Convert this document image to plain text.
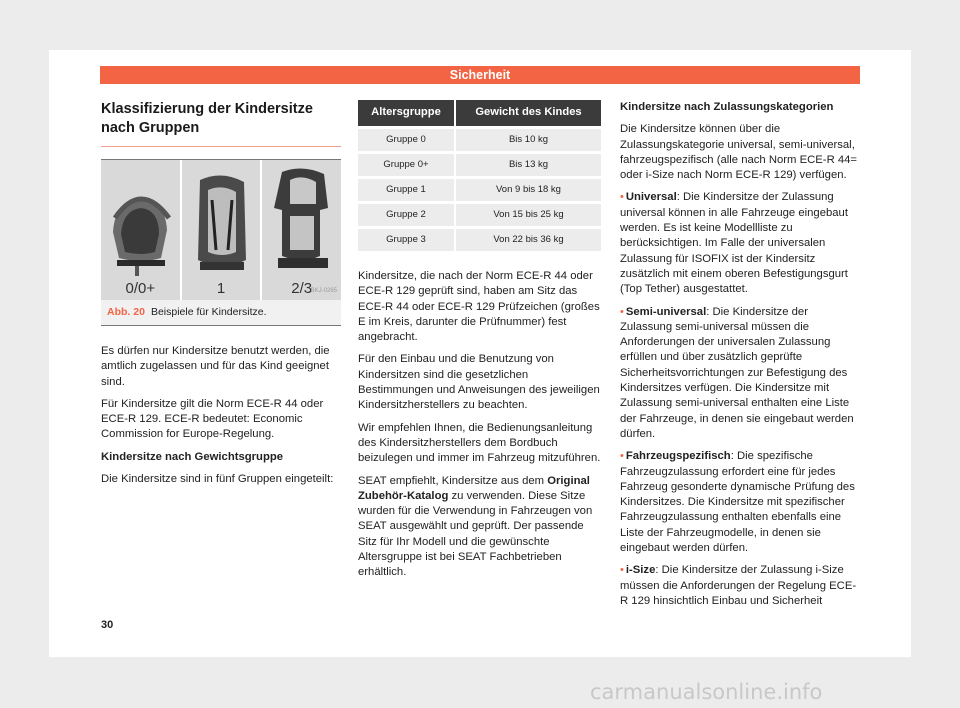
Sicherheit
Klassifizierung der Kindersitze nach Gruppen
0/0+	1	2/3
BKJ-0265
Abb. 20 Beispiele für Kindersitze.

Es dürfen nur Kindersitze benutzt werden, die amtlich zugelassen und für das Kind geeignet sind.

Für Kindersitze gilt die Norm ECE-R 44 oder ECE-R 129. ECE-R bedeutet: Economic Commission for Europe-Regelung.

Kindersitze nach Gewichtsgruppe

Die Kindersitze sind in fünf Gruppen eingeteilt:

Altersgruppe	Gewicht des Kindes
Gruppe 0	Bis 10 kg
Gruppe 0+	Bis 13 kg
Gruppe 1	Von 9 bis 18 kg
Gruppe 2	Von 15 bis 25 kg
Gruppe 3	Von 22 bis 36 kg

Kindersitze, die nach der Norm ECE-R 44 oder ECE-R 129 geprüft sind, haben am Sitz das ECE-R 44 oder ECE-R 129 Prüfzeichen (großes E im Kreis, darunter die Prüfnummer) fest angebracht.

Für den Einbau und die Benutzung von Kindersitzen sind die gesetzlichen Bestimmungen und Anweisungen des jeweiligen Kindersitzherstellers zu beachten.

Wir empfehlen Ihnen, die Bedienungsanleitung des Kindersitzherstellers dem Bordbuch beizulegen und immer im Fahrzeug mitzuführen.

SEAT empfiehlt, Kindersitze aus dem Original Zubehör-Katalog zu verwenden. Diese Sitze wurden für die Verwendung in Fahrzeugen von SEAT ausgewählt und geprüft. Der passende Sitz für Ihr Modell und die gewünschte Altersgruppe ist bei SEAT Fachbetrieben erhältlich.

Kindersitze nach Zulassungskategorien

Die Kindersitze können über die Zulassungskategorie universal, semi-universal, fahrzeugspezifisch (alle nach Norm ECE-R 44= oder i-Size nach Norm ECE-R 129) verfügen.

• Universal: Die Kindersitze der Zulassung universal können in alle Fahrzeuge eingebaut werden. Es ist keine Modellliste zu berücksichtigen. Im Falle der universalen Zulassung für ISOFIX ist der Kindersitz zusätzlich mit einem oberen Befestigungsgurt (Top Tether) ausgestattet.

• Semi-universal: Die Kindersitze der Zulassung semi-universal müssen die Anforderungen der universalen Zulassung erfüllen und über zusätzlich geprüfte Sicherheitsvorrichtungen zur Befestigung des Kindersitzes verfügen. Die Kindersitze mit Zulassung semi-universal enthalten eine Liste der Fahrzeuge, in denen sie eingebaut werden dürfen.

• Fahrzeugspezifisch: Die spezifische Fahrzeugzulassung erfordert eine für jedes Fahrzeug gesonderte dynamische Prüfung des Kindersitzes. Die Kindersitze mit spezifischer Fahrzeugzulassung enthalten ebenfalls eine Liste der Fahrzeugmodelle, in denen sie eingebaut werden dürfen.

• i-Size: Die Kindersitze der Zulassung i-Size müssen die Anforderungen der Regelung ECE-R 129 hinsichtlich Einbau und Sicherheit

30
carmanualsonline.info
